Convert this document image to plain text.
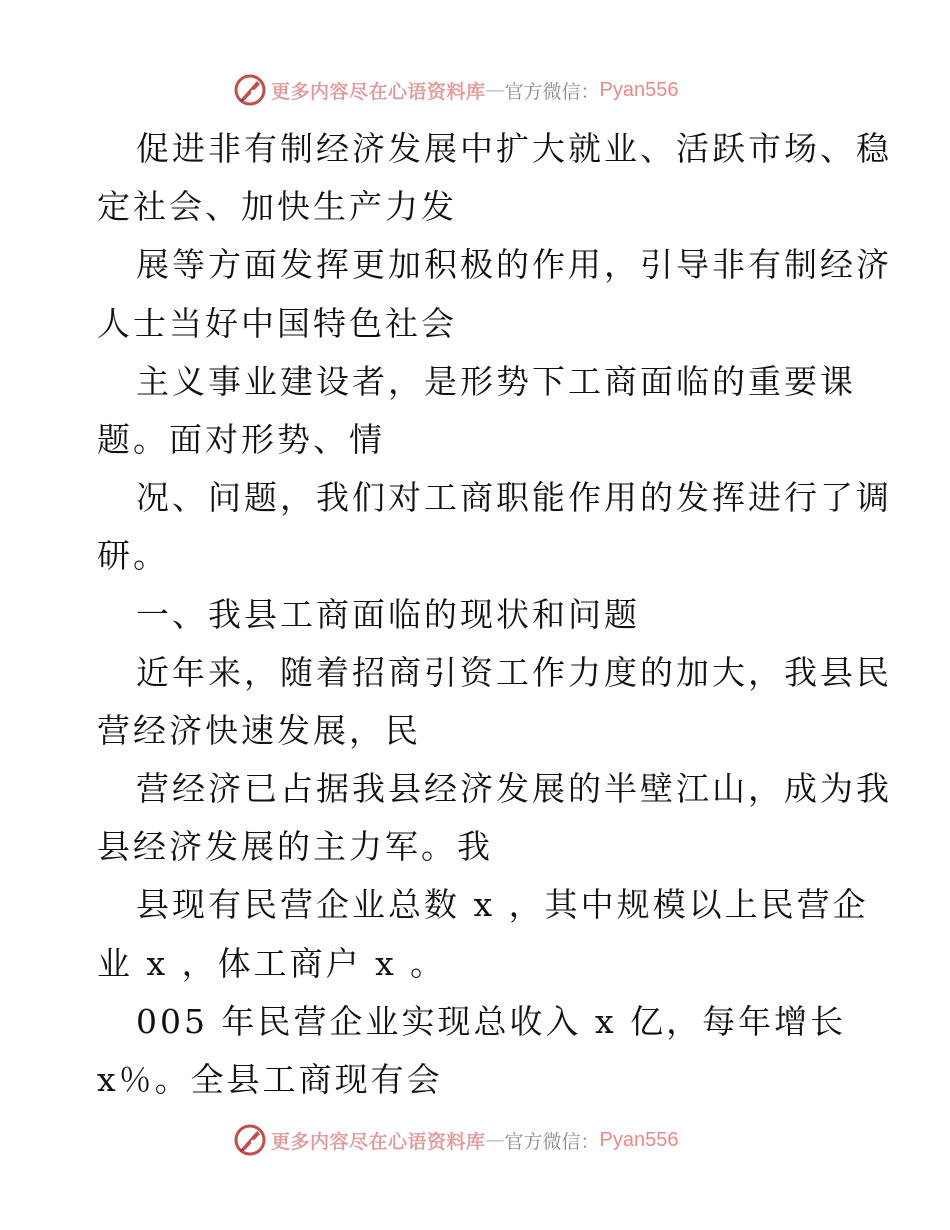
更多内容尽在心语资料库 — 官方微信： Pyan556
促进非有制经济发展中扩大就业、活跃市场、稳
定社会、加快生产力发
展等方面发挥更加积极的作用，引导非有制经济
人士当好中国特色社会
主义事业建设者，是形势下工商面临的重要课
题。面对形势、情
况、问题，我们对工商职能作用的发挥进行了调
研。
一、我县工商面临的现状和问题
近年来，随着招商引资工作力度的加大，我县民
营经济快速发展，民
营经济已占据我县经济发展的半壁江山，成为我
县经济发展的主力军。我
县现有民营企业总数 x ，其中规模以上民营企
业 x ，体工商户 x 。
005 年民营企业实现总收入 x 亿，每年增长
x％。全县工商现有会
更多内容尽在心语资料库 — 官方微信： Pyan556
